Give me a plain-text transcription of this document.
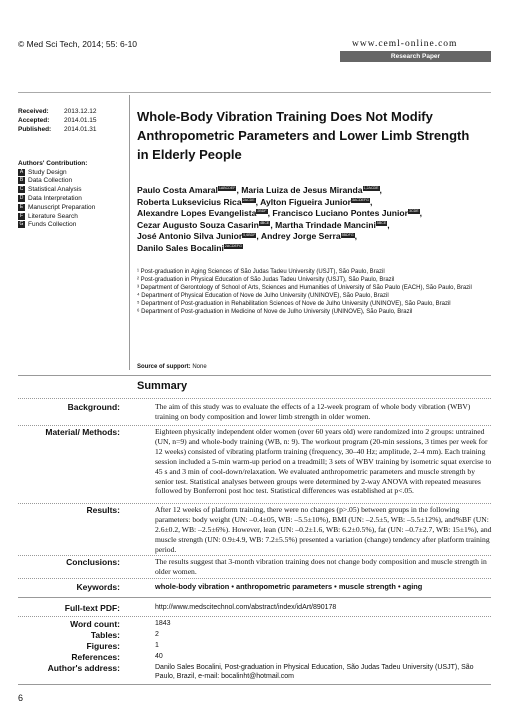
© Med Sci Tech, 2014; 55: 6-10	www.ceml-online.com
Research Paper
Received: 2013.12.12
Accepted: 2014.01.15
Published: 2014.01.31
Authors' Contribution:
A Study Design
B Data Collection
C Statistical Analysis
D Data Interpretation
E Manuscript Preparation
F Literature Search
G Funds Collection
Whole-Body Vibration Training Does Not Modify Anthropometric Parameters and Lower Limb Strength in Elderly People
Paulo Costa Amaral1ABCDEF, Maria Luiza de Jesus Miranda1,2ACDE,
Roberta Luksevicius Rica2ACDE, Aylton Figueira Junior3ACDEFG,
Alexandre Lopes Evangelista2BDF, Francisco Luciano Pontes Junior3CDE,
Cezar Augusto Souza Casarin4BCE, Martha Trindade Mancini5BCE,
José Antonio Silva Junior5,6BDF, Andrey Jorge Serra5BDFG,
Danilo Sales Bocalini2ACDEFG
¹ Post-graduation in Aging Sciences of São Judas Tadeu University (USJT), São Paulo, Brazil
² Post-graduation in Physical Education of São Judas Tadeu University (USJT), São Paulo, Brazil
³ Department of Gerontology of School of Arts, Sciences and Humanities of University of São Paulo (EACH), São Paulo, Brazil
⁴ Department of Physical Education of Nove de Julho University (UNINOVE), São Paulo, Brazil
⁵ Department of Post-graduation in Rehabilitation Sciences of Nove de Julho University (UNINOVE), São Paulo, Brazil
⁶ Department of Post-graduation in Medicine of Nove de Julho University (UNINOVE), São Paulo, Brazil
Source of support: None
Summary
Background:	The aim of this study was to evaluate the effects of a 12-week program of whole body vibration (WBV) training on body composition and lower limb strength in older women.
Material/ Methods:	Eighteen physically independent older women (over 60 years old) were randomized into 2 groups: untrained (UN, n=9) and whole-body training (WB, n: 9). The workout program (20-min sessions, 3 times per week for 12 weeks) consisted of vibrating platform training (frequency, 30–40 Hz; amplitude, 2–4 mm). Each training session included a 5-min warm-up period on a treadmill; 3 sets of WBV training by isometric squat exercise to 45 s and 3 min of cool-down/relaxation. We evaluated anthropometric parameters and muscle strength by senior test. Statistical analyses between groups were determined by 2-way ANOVA with repeated measures followed by Bonferroni post hoc test. Statistical differences was established at p<.05.
Results:	After 12 weeks of platform training, there were no changes (p>.05) between groups in the following parameters: body weight (UN: –0.4±05, WB: –5.5±10%), BMI (UN: –2.5±5, WB: –5.5±12%), and%BF (UN: 2.6±0.2, WB: –2.5±6%). However, lean (UN: –0.2±1.6, WB: 6.2±0.5%), fat (UN: –0.7±2.7, WB: 15±1%), and muscle strength (UN: 0.9±4.9, WB: 7.2±5.5%) presented a variation (change) tendency after platform training period.
Conclusions:	The results suggest that 3-month vibration training does not change body composition and muscle strength in older women.
Keywords:	whole-body vibration • anthropometric parameters • muscle strength • aging
Full-text PDF:	http://www.medscitechnol.com/abstract/index/idArt/890178
Word count:	1843
Tables:	2
Figures:	1
References:	40
Author's address:	Danilo Sales Bocalini, Post-graduation in Physical Education, São Judas Tadeu University (USJT), São Paulo, Brazil, e-mail: bocalinht@hotmail.com
6
